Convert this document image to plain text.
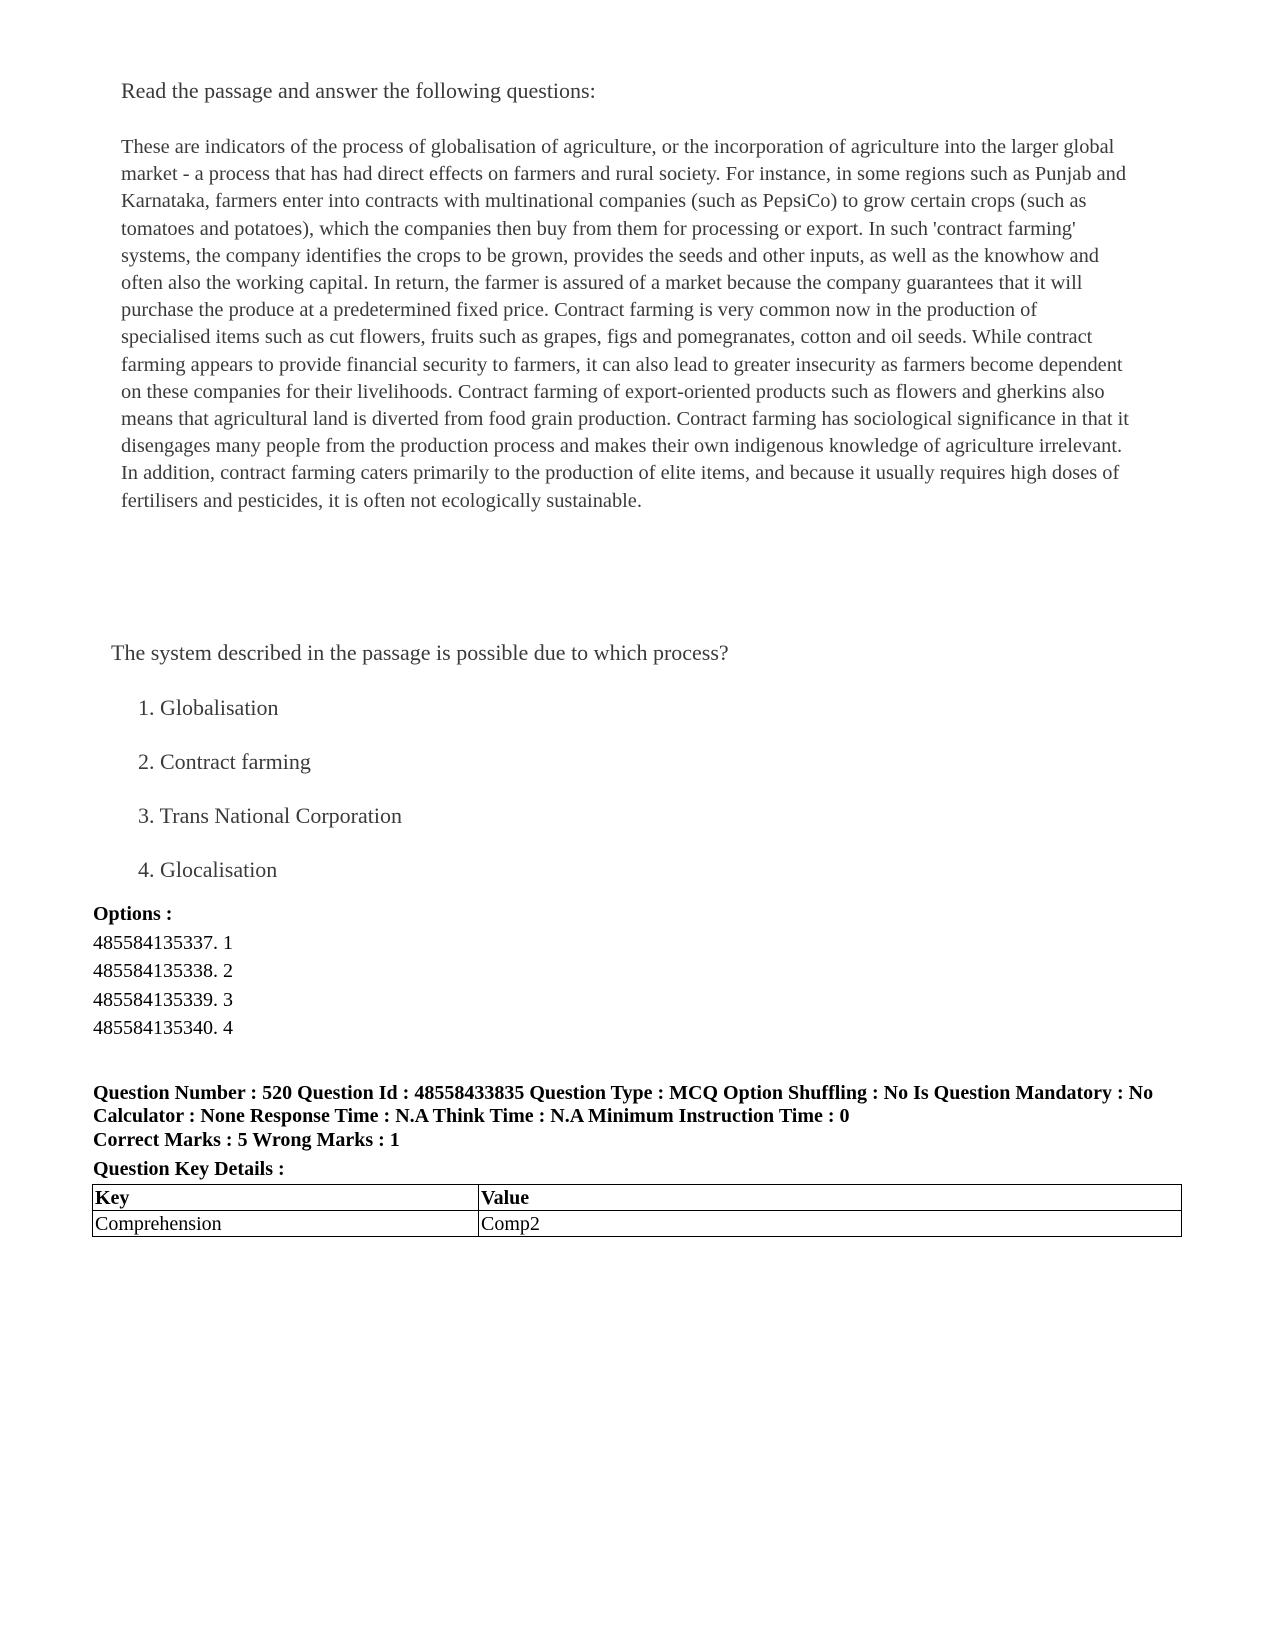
Read the passage and answer the following questions:

These are indicators of the process of globalisation of agriculture, or the incorporation of agriculture into the larger global market - a process that has had direct effects on farmers and rural society. For instance, in some regions such as Punjab and Karnataka, farmers enter into contracts with multinational companies (such as PepsiCo) to grow certain crops (such as tomatoes and potatoes), which the companies then buy from them for processing or export. In such 'contract farming' systems, the company identifies the crops to be grown, provides the seeds and other inputs, as well as the knowhow and often also the working capital. In return, the farmer is assured of a market because the company guarantees that it will purchase the produce at a predetermined fixed price. Contract farming is very common now in the production of specialised items such as cut flowers, fruits such as grapes, figs and pomegranates, cotton and oil seeds. While contract farming appears to provide financial security to farmers, it can also lead to greater insecurity as farmers become dependent on these companies for their livelihoods. Contract farming of export-oriented products such as flowers and gherkins also means that agricultural land is diverted from food grain production. Contract farming has sociological significance in that it disengages many people from the production process and makes their own indigenous knowledge of agriculture irrelevant. In addition, contract farming caters primarily to the production of elite items, and because it usually requires high doses of fertilisers and pesticides, it is often not ecologically sustainable.

The system described in the passage is possible due to which process?
1. Globalisation
2. Contract farming
3. Trans National Corporation
4. Glocalisation
Options :
485584135337. 1
485584135338. 2
485584135339. 3
485584135340. 4
Question Number : 520 Question Id : 48558433835 Question Type : MCQ Option Shuffling : No Is Question Mandatory : No Calculator : None Response Time : N.A Think Time : N.A Minimum Instruction Time : 0
Correct Marks : 5 Wrong Marks : 1
Question Key Details :
Key	Value
Comprehension	Comp2
